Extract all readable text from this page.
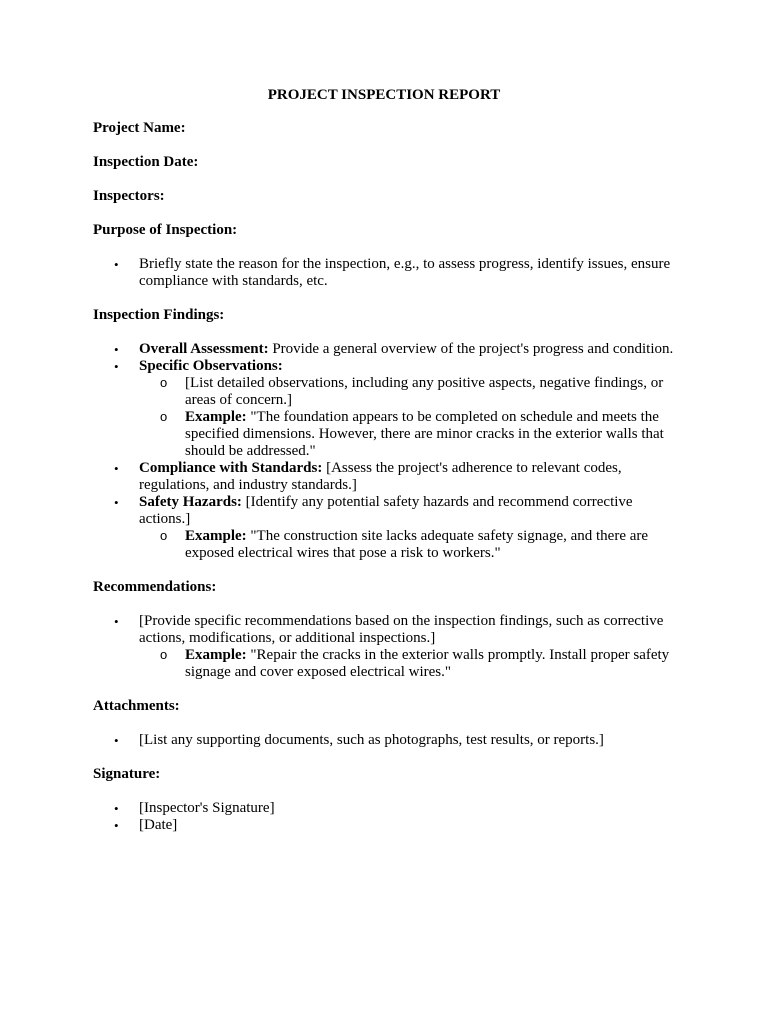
PROJECT INSPECTION REPORT
Project Name:
Inspection Date:
Inspectors:
Purpose of Inspection:
•	Briefly state the reason for the inspection, e.g., to assess progress, identify issues, ensure compliance with standards, etc.
Inspection Findings:
•	Overall Assessment: Provide a general overview of the project's progress and condition.
•	Specific Observations:
o [List detailed observations, including any positive aspects, negative findings, or areas of concern.]
o Example: "The foundation appears to be completed on schedule and meets the specified dimensions. However, there are minor cracks in the exterior walls that should be addressed."
•	Compliance with Standards: [Assess the project's adherence to relevant codes, regulations, and industry standards.]
•	Safety Hazards: [Identify any potential safety hazards and recommend corrective actions.]
o Example: "The construction site lacks adequate safety signage, and there are exposed electrical wires that pose a risk to workers."
Recommendations:
•	[Provide specific recommendations based on the inspection findings, such as corrective actions, modifications, or additional inspections.]
o Example: "Repair the cracks in the exterior walls promptly. Install proper safety signage and cover exposed electrical wires."
Attachments:
•	[List any supporting documents, such as photographs, test results, or reports.]
Signature:
•	[Inspector's Signature]
•	[Date]
